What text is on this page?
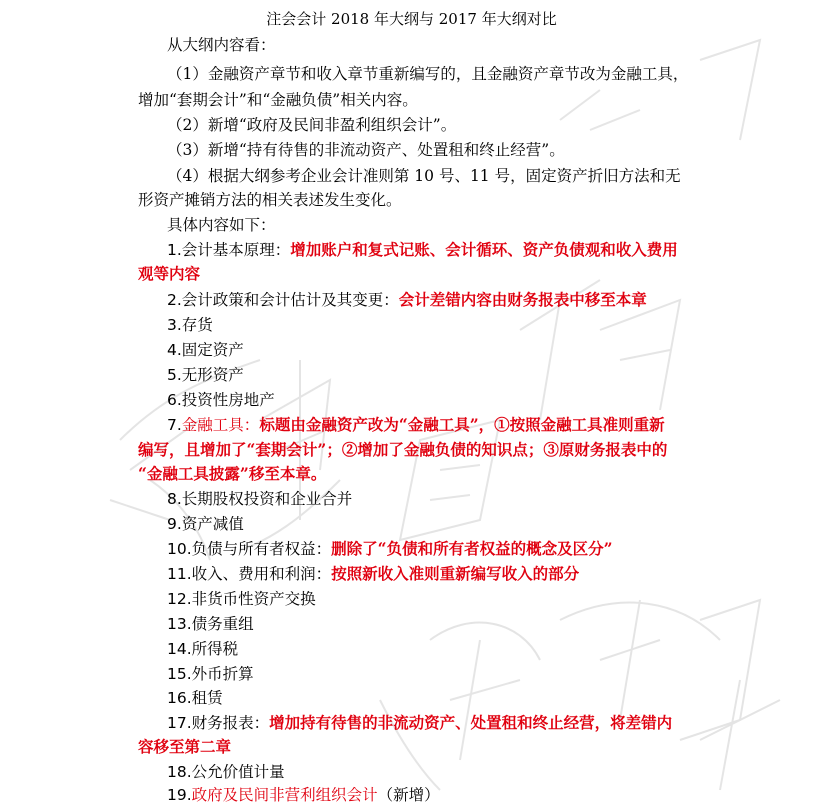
注会会计 2018 年大纲与 2017 年大纲对比
从大纲内容看：
（1）金融资产章节和收入章节重新编写的，且金融资产章节改为金融工具，
增加“套期会计”和“金融负债”相关内容。
（2）新增“政府及民间非盈利组织会计”。
（3）新增“持有待售的非流动资产、处置租和终止经营”。
（4）根据大纲参考企业会计准则第 10 号、11 号，固定资产折旧方法和无
形资产摊销方法的相关表述发生变化。
具体内容如下：
1.会计基本原理：增加账户和复式记账、会计循环、资产负债观和收入费用
观等内容
2.会计政策和会计估计及其变更：会计差错内容由财务报表中移至本章
3.存货
4.固定资产
5.无形资产
6.投资性房地产
7.金融工具：标题由金融资产改为“金融工具”，①按照金融工具准则重新
编写，且增加了“套期会计”；②增加了金融负债的知识点；③原财务报表中的
“金融工具披露”移至本章。
8.长期股权投资和企业合并
9.资产减值
10.负债与所有者权益：删除了“负债和所有者权益的概念及区分”
11.收入、费用和利润：按照新收入准则重新编写收入的部分
12.非货币性资产交换
13.债务重组
14.所得税
15.外币折算
16.租赁
17.财务报表：增加持有待售的非流动资产、处置租和终止经营，将差错内
容移至第二章
18.公允价值计量
19.政府及民间非营利组织会计（新增）
